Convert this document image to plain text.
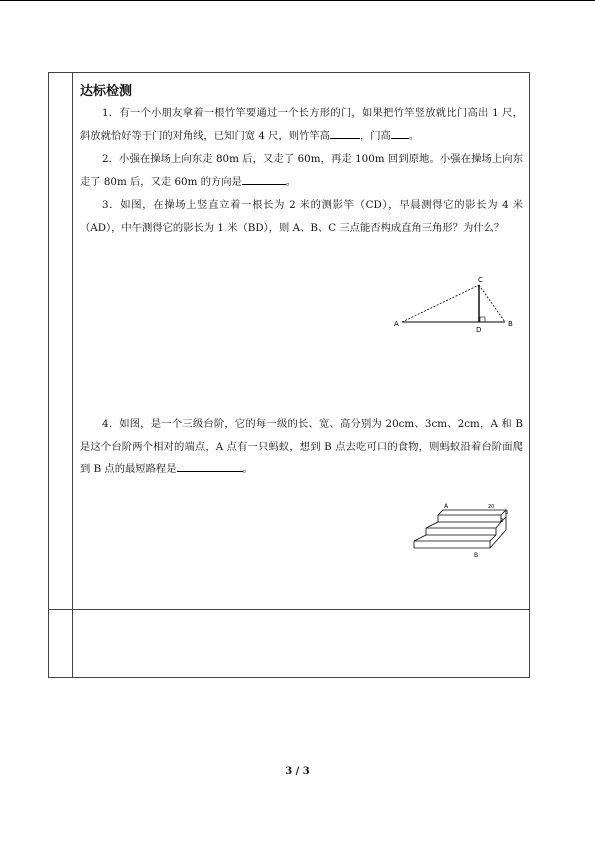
达标检测
1．有一个小朋友拿着一根竹竿要通过一个长方形的门，如果把竹竿竖放就比门高出 1 尺，斜放就恰好等于门的对角线，已知门宽 4 尺，则竹竿高	，门高 。
2．小强在操场上向东走 80m 后，又走了 60m，再走 100m 回到原地。小强在操场上向东走了 80m 后，又走 60m 的方向是	。
3．如图，在操场上竖直立着一根长为 2 米的测影竿（CD），早晨测得它的影长为 4 米（AD），中午测得它的影长为 1 米（BD），则 A、B、C 三点能否构成直角三角形？为什么？
A	B
C
D
4．如图，是一个三级台阶，它的每一级的长、宽、高分别为 20cm、3cm、2cm，A 和 B 是这个台阶两个相对的端点，A 点有一只蚂蚁，想到 B 点去吃可口的食物，则蚂蚁沿着台阶面爬到 B 点的最短路程是	。
A	20
2
3
B
3 / 3
